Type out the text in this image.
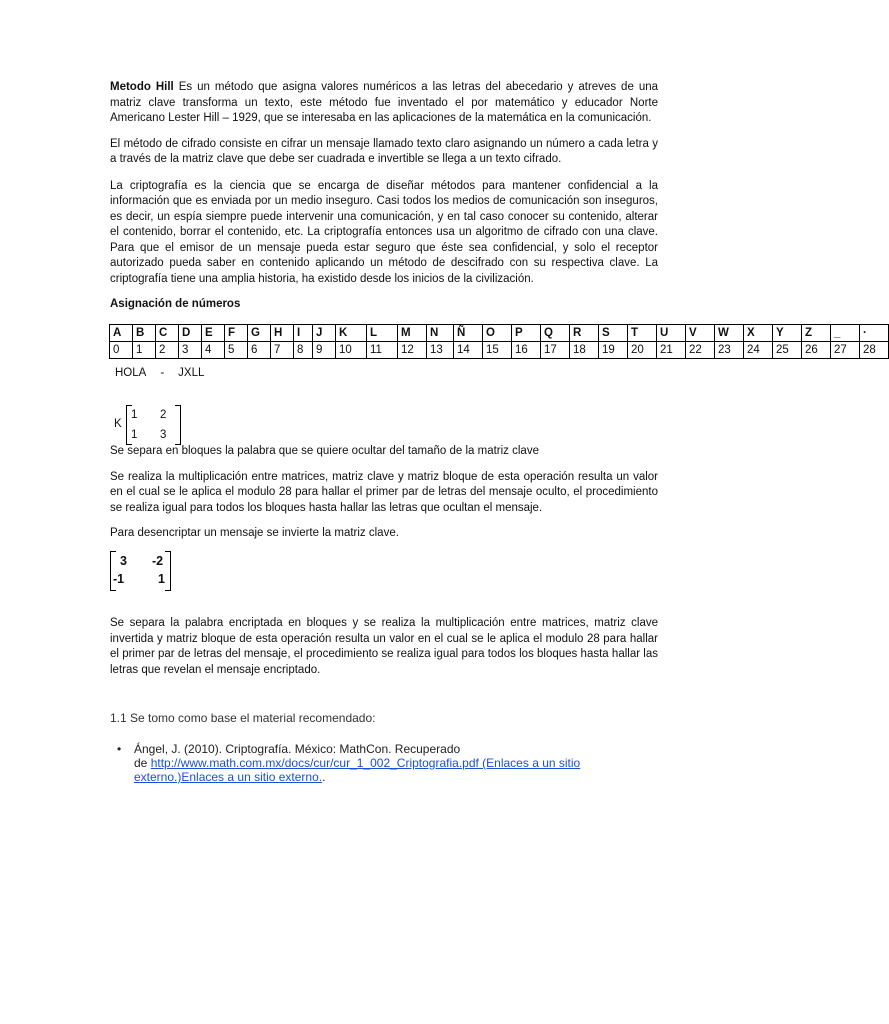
Metodo Hill Es un método que asigna valores numéricos a las letras del abecedario y atreves de una matriz clave transforma un texto, este método fue inventado el por matemático y educador Norte Americano Lester Hill – 1929, que se interesaba en las aplicaciones de la matemática en la comunicación.

El método de cifrado consiste en cifrar un mensaje llamado texto claro asignando un número a cada letra y a través de la matriz clave que debe ser cuadrada e invertible se llega a un texto cifrado.

La criptografía es la ciencia que se encarga de diseñar métodos para mantener confidencial a la información que es enviada por un medio inseguro. Casi todos los medios de comunicación son inseguros, es decir, un espía siempre puede intervenir una comunicación, y en tal caso conocer su contenido, alterar el contenido, borrar el contenido, etc. La criptografía entonces usa un algoritmo de cifrado con una clave. Para que el emisor de un mensaje pueda estar seguro que éste sea confidencial, y solo el receptor autorizado pueda saber en contenido aplicando un método de descifrado con su respectiva clave. La criptografía tiene una amplia historia, ha existido desde los inicios de la civilización.

Asignación de números

A	B	C	D	E	F	G	H	I	J	K	L	M	N	Ñ	O	P	Q	R	S	T	U	V	W	X	Y	Z	_	·
0	1	2	3	4	5	6	7	8	9	10	11	12	13	14	15	16	17	18	19	20	21	22	23	24	25	26	27	28
HOLA - JXLL
K
1 2
1 3

Se separa en bloques la palabra que se quiere ocultar del tamaño de la matriz clave

Se realiza la multiplicación entre matrices, matriz clave y matriz bloque de esta operación resulta un valor en el cual se le aplica el modulo 28 para hallar el primer par de letras del mensaje oculto, el procedimiento se realiza igual para todos los bloques hasta hallar las letras que ocultan el mensaje.

Para desencriptar un mensaje se invierte la matriz clave.

3 -2
-1	1

Se separa la palabra encriptada en bloques y se realiza la multiplicación entre matrices, matriz clave invertida y matriz bloque de esta operación resulta un valor en el cual se le aplica el modulo 28 para hallar el primer par de letras del mensaje, el procedimiento se realiza igual para todos los bloques hasta hallar las letras que revelan el mensaje encriptado.

1.1 Se tomo como base el material recomendado:
• Ángel, J. (2010). Criptografía. México: MathCon. Recuperado
de http://www.math.com.mx/docs/cur/cur_1_002_Criptografia.pdf (Enlaces a un sitio externo.)Enlaces a un sitio externo..
